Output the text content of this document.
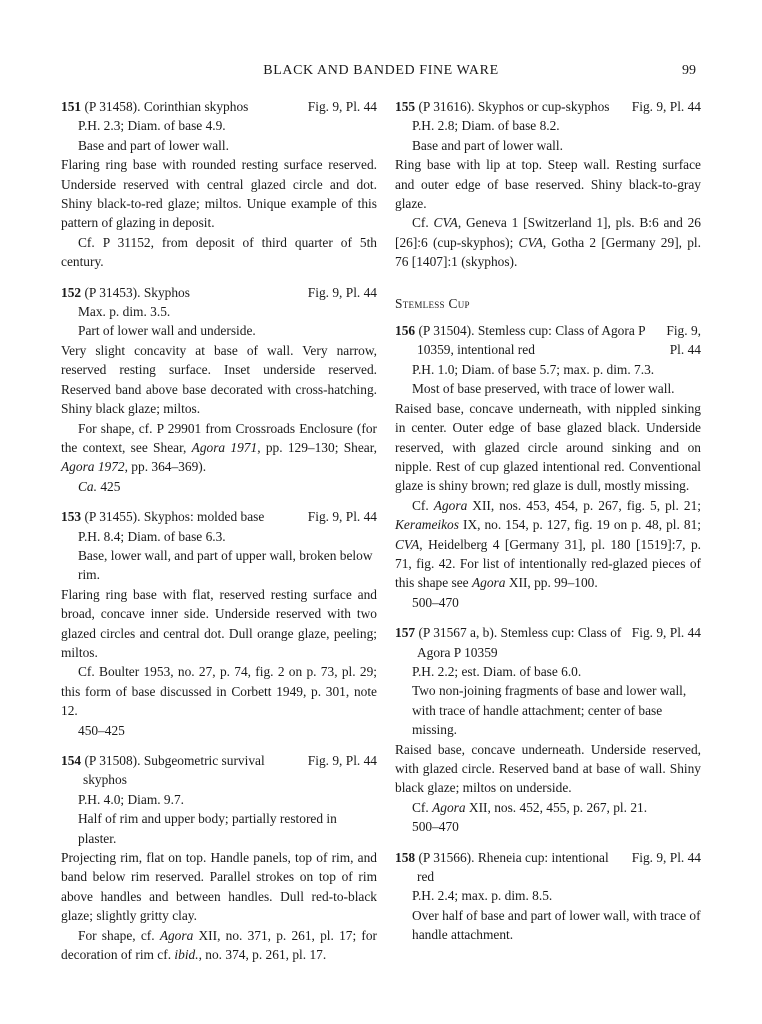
BLACK AND BANDED FINE WARE	99
151 (P 31458). Corinthian skyphos	Fig. 9, Pl. 44
P.H. 2.3; Diam. of base 4.9.
Base and part of lower wall.
Flaring ring base with rounded resting surface reserved. Underside reserved with central glazed circle and dot. Shiny black-to-red glaze; miltos. Unique example of this pattern of glazing in deposit.
Cf. P 31152, from deposit of third quarter of 5th century.
152 (P 31453). Skyphos	Fig. 9, Pl. 44
Max. p. dim. 3.5.
Part of lower wall and underside.
Very slight concavity at base of wall. Very narrow, reserved resting surface. Inset underside reserved. Reserved band above base decorated with cross-hatching. Shiny black glaze; miltos.
For shape, cf. P 29901 from Crossroads Enclosure (for the context, see Shear, Agora 1971, pp. 129–130; Shear, Agora 1972, pp. 364–369).
Ca. 425
153 (P 31455). Skyphos: molded base	Fig. 9, Pl. 44
P.H. 8.4; Diam. of base 6.3.
Base, lower wall, and part of upper wall, broken below rim.
Flaring ring base with flat, reserved resting surface and broad, concave inner side. Underside reserved with two glazed circles and central dot. Dull orange glaze, peeling; miltos.
Cf. Boulter 1953, no. 27, p. 74, fig. 2 on p. 73, pl. 29; this form of base discussed in Corbett 1949, p. 301, note 12.
450–425
154 (P 31508). Subgeometric survival skyphos
Fig. 9, Pl. 44
P.H. 4.0; Diam. 9.7.
Half of rim and upper body; partially restored in plaster.
Projecting rim, flat on top. Handle panels, top of rim, and band below rim reserved. Parallel strokes on top of rim above handles and between handles. Dull red-to-black glaze; slightly gritty clay.
For shape, cf. Agora XII, no. 371, p. 261, pl. 17; for decoration of rim cf. ibid., no. 374, p. 261, pl. 17.
155 (P 31616). Skyphos or cup-skyphos	Fig. 9, Pl. 44
P.H. 2.8; Diam. of base 8.2.
Base and part of lower wall.
Ring base with lip at top. Steep wall. Resting surface and outer edge of base reserved. Shiny black-to-gray glaze.
Cf. CVA, Geneva 1 [Switzerland 1], pls. B:6 and 26 [26]:6 (cup-skyphos); CVA, Gotha 2 [Germany 29], pl. 76 [1407]:1 (skyphos).
Stemless Cup
156 (P 31504). Stemless cup: Class of Agora P 10359, intentional red
Fig. 9,
Pl. 44
P.H. 1.0; Diam. of base 5.7; max. p. dim. 7.3.
Most of base preserved, with trace of lower wall.
Raised base, concave underneath, with nippled sinking in center. Outer edge of base glazed black. Underside reserved, with glazed circle around sinking and on nipple. Rest of cup glazed intentional red. Conventional glaze is shiny brown; red glaze is dull, mostly missing.
Cf. Agora XII, nos. 453, 454, p. 267, fig. 5, pl. 21; Kerameikos IX, no. 154, p. 127, fig. 19 on p. 48, pl. 81; CVA, Heidelberg 4 [Germany 31], pl. 180 [1519]:7, p. 71, fig. 42. For list of intentionally red-glazed pieces of this shape see Agora XII, pp. 99–100.
500–470
157 (P 31567 a, b). Stemless cup: Class of Agora P 10359
Fig. 9, Pl. 44
P.H. 2.2; est. Diam. of base 6.0.
Two non-joining fragments of base and lower wall, with trace of handle attachment; center of base missing.
Raised base, concave underneath. Underside reserved, with glazed circle. Reserved band at base of wall. Shiny black glaze; miltos on underside.
Cf. Agora XII, nos. 452, 455, p. 267, pl. 21.
500–470
158 (P 31566). Rheneia cup: intentional red
Fig. 9, Pl. 44
P.H. 2.4; max. p. dim. 8.5.
Over half of base and part of lower wall, with trace of handle attachment.
